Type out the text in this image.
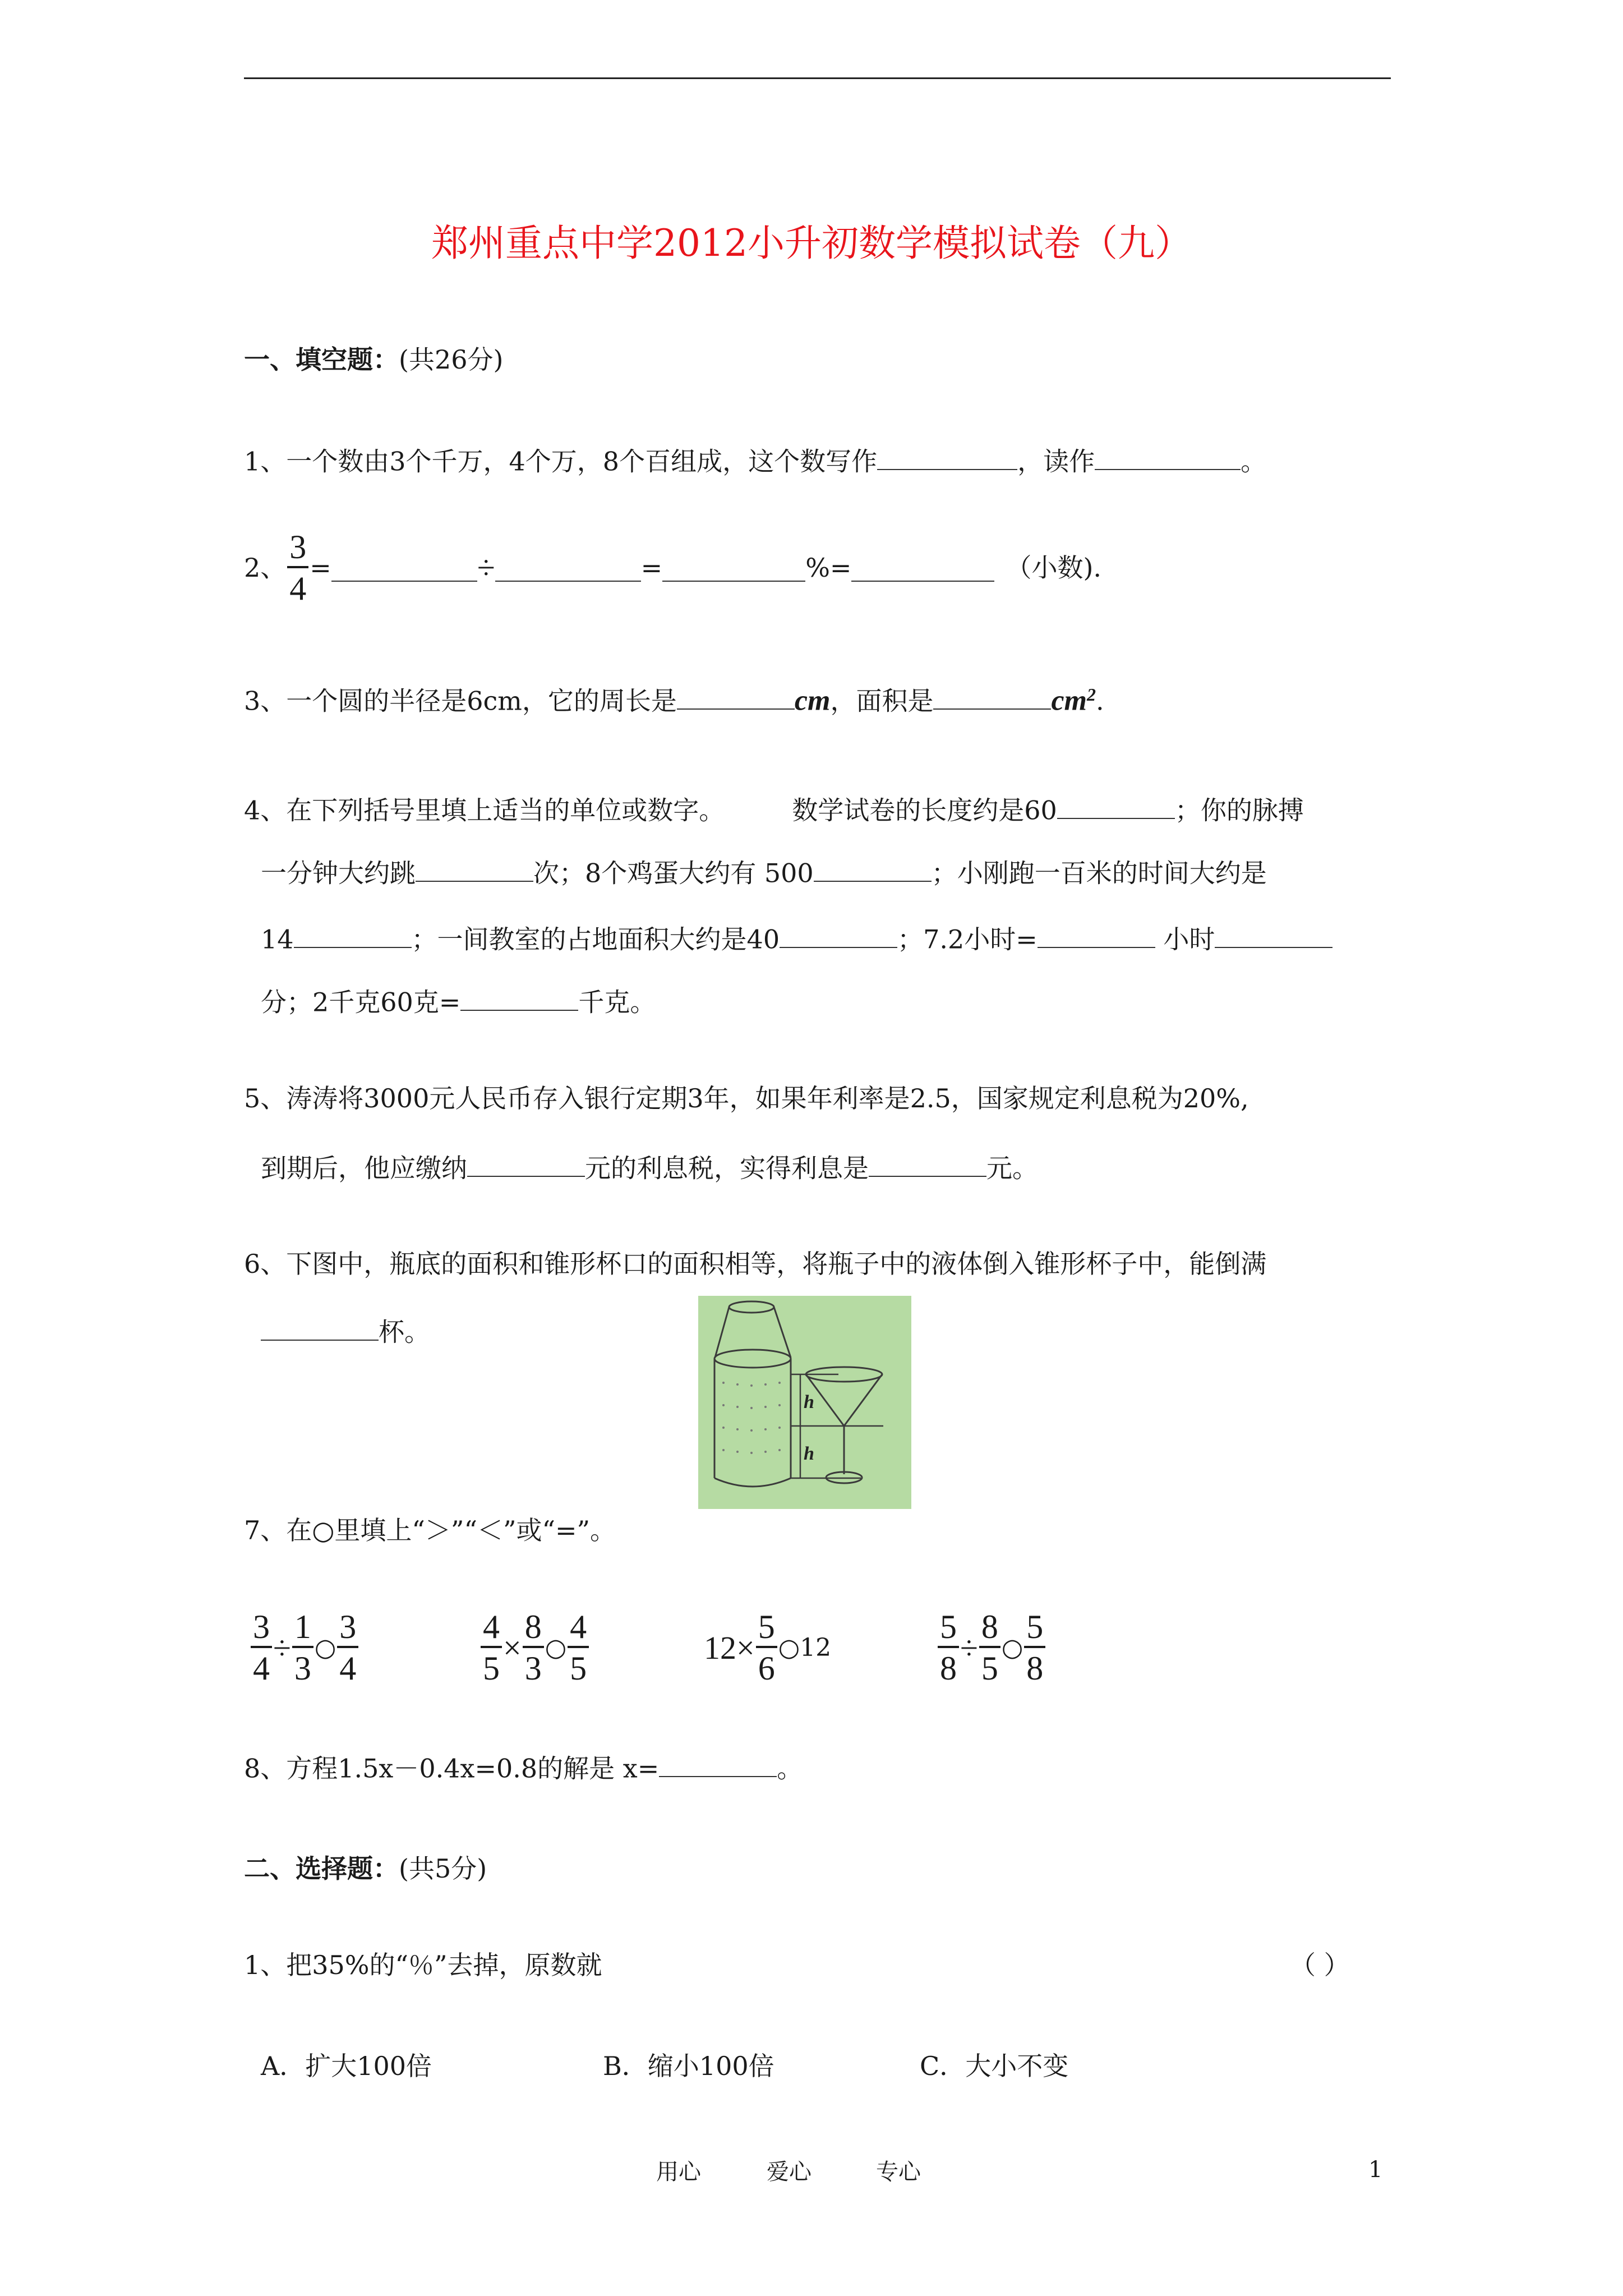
郑州重点中学2012小升初数学模拟试卷（九）
一、填空题：(共26分)
1、一个数由3个千万，4个万，8个百组成，这个数写作	，读作	。
2、 $\frac{3}{4}$ =	÷	=	%=	（小数).
3、一个圆的半径是6cm，它的周长是	cm，面积是	$cm^2$.
4、在下列括号里填上适当的单位或数字。	数学试卷的长度约是60	；你的脉搏
一分钟大约跳	次；8个鸡蛋大约有 500	；小刚跑一百米的时间大约是
14	；一间教室的占地面积大约是40	；7.2小时=	小时
分；2千克60克=	千克。
5、涛涛将3000元人民币存入银行定期3年，如果年利率是2.5，国家规定利息税为20%,
到期后，他应缴纳	元的利息税，实得利息是	元。
6、下图中，瓶底的面积和锥形杯口的面积相等，将瓶子中的液体倒入锥形杯子中，能倒满
杯。
h
h
7、在○里填上“＞”“＜”或“=”。
$\frac{3}{4} \div \frac{1}{3}$ ○ $\frac{3}{4}$	$\frac{4}{5} \times \frac{8}{3}$ ○ $\frac{4}{5}$	$12 \times \frac{5}{6}$ ○12	$\frac{5}{8} \div \frac{8}{5}$ ○ $\frac{5}{8}$
8、方程1.5x－0.4x=0.8的解是 x=	。
二、选择题：(共5分)
1、把35%的“％”去掉，原数就	（ ）
A．扩大100倍	B．缩小100倍	C．大小不变
用心	爱心	专心	1
